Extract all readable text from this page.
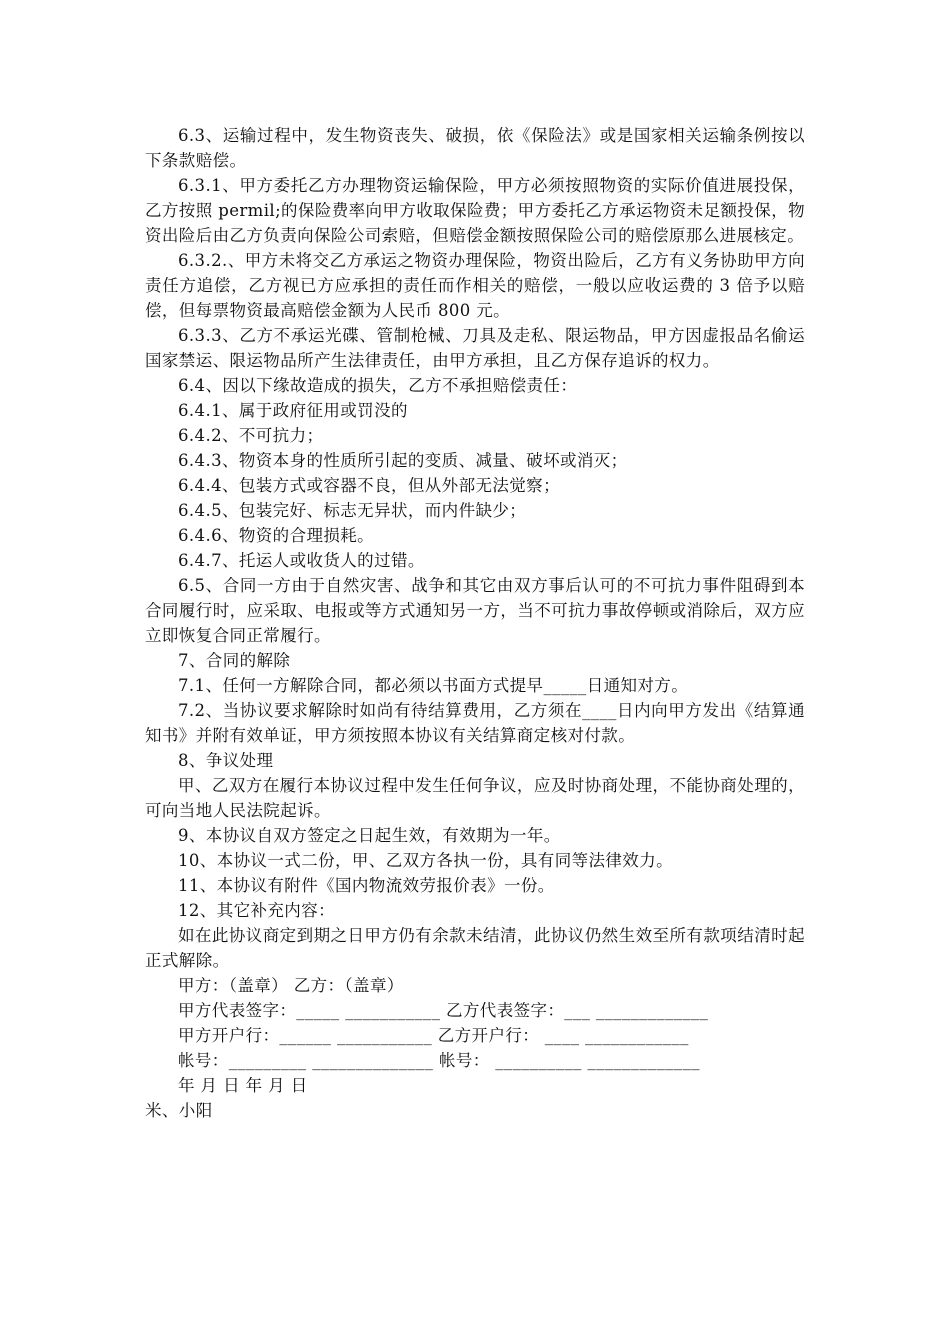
6.3、运输过程中，发生物资丧失、破损，依《保险法》或是国家相关运输条例按以下条款赔偿。

6.3.1、甲方委托乙方办理物资运输保险，甲方必须按照物资的实际价值进展投保，乙方按照 permil;的保险费率向甲方收取保险费；甲方委托乙方承运物资未足额投保，物资出险后由乙方负责向保险公司索赔，但赔偿金额按照保险公司的赔偿原那么进展核定。

6.3.2.、甲方未将交乙方承运之物资办理保险，物资出险后，乙方有义务协助甲方向责任方追偿，乙方视已方应承担的责任而作相关的赔偿，一般以应收运费的 3 倍予以赔偿，但每票物资最高赔偿金额为人民币 800 元。

6.3.3、乙方不承运光碟、管制枪械、刀具及走私、限运物品，甲方因虚报品名偷运国家禁运、限运物品所产生法律责任，由甲方承担，且乙方保存追诉的权力。

6.4、因以下缘故造成的损失，乙方不承担赔偿责任：

6.4.1、属于政府征用或罚没的

6.4.2、不可抗力；

6.4.3、物资本身的性质所引起的变质、减量、破坏或消灭；

6.4.4、包装方式或容器不良，但从外部无法觉察；

6.4.5、包装完好、标志无异状，而内件缺少；

6.4.6、物资的合理损耗。

6.4.7、托运人或收货人的过错。

6.5、合同一方由于自然灾害、战争和其它由双方事后认可的不可抗力事件阻碍到本合同履行时，应采取、电报或等方式通知另一方，当不可抗力事故停顿或消除后，双方应立即恢复合同正常履行。

7、合同的解除

7.1、任何一方解除合同，都必须以书面方式提早_____日通知对方。

7.2、当协议要求解除时如尚有待结算费用，乙方须在____日内向甲方发出《结算通知书》并附有效单证，甲方须按照本协议有关结算商定核对付款。

8、争议处理

甲、乙双方在履行本协议过程中发生任何争议，应及时协商处理，不能协商处理的，可向当地人民法院起诉。

9、本协议自双方签定之日起生效，有效期为一年。

10、本协议一式二份，甲、乙双方各执一份，具有同等法律效力。

11、本协议有附件《国内物流效劳报价表》一份。

12、其它补充内容：

如在此协议商定到期之日甲方仍有余款未结清，此协议仍然生效至所有款项结清时起正式解除。

甲方：（盖章） 乙方：（盖章）

甲方代表签字：_____ ___________ 乙方代表签字：___ _____________

甲方开户行：______ ___________ 乙方开户行： ____ ____________

帐号：_________ ______________ 帐号： __________ _____________

年 月 日 年 月 日

米、小阳
